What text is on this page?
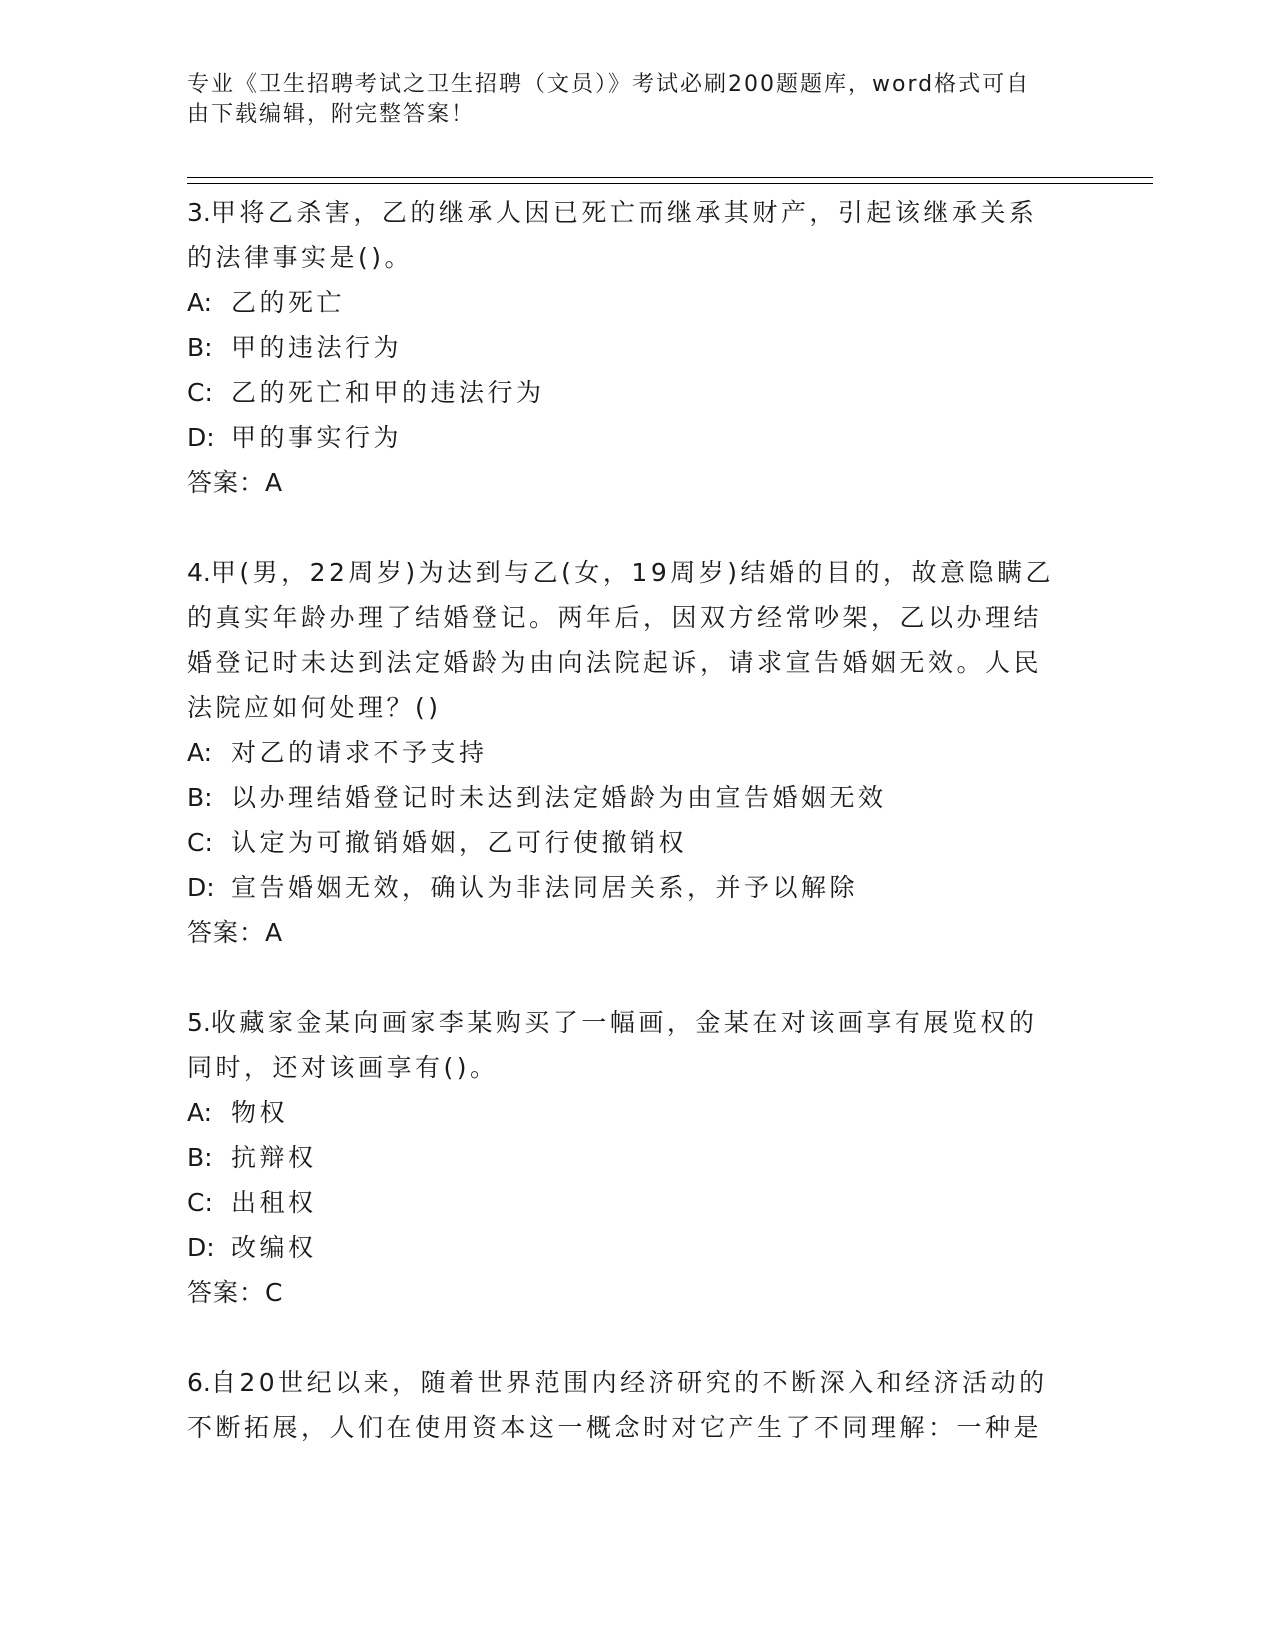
专业《卫生招聘考试之卫生招聘（文员）》考试必刷200题题库，word格式可自
由下载编辑，附完整答案！

3.甲将乙杀害，乙的继承人因已死亡而继承其财产，引起该继承关系

的法律事实是()。

A: 乙的死亡

B: 甲的违法行为

C: 乙的死亡和甲的违法行为

D: 甲的事实行为

答案：A

4.甲(男，22周岁)为达到与乙(女，19周岁)结婚的目的，故意隐瞒乙

的真实年龄办理了结婚登记。两年后，因双方经常吵架，乙以办理结

婚登记时未达到法定婚龄为由向法院起诉，请求宣告婚姻无效。人民

法院应如何处理？()

A: 对乙的请求不予支持

B: 以办理结婚登记时未达到法定婚龄为由宣告婚姻无效

C: 认定为可撤销婚姻，乙可行使撤销权

D: 宣告婚姻无效，确认为非法同居关系，并予以解除

答案：A

5.收藏家金某向画家李某购买了一幅画，金某在对该画享有展览权的

同时，还对该画享有()。

A: 物权

B: 抗辩权

C: 出租权

D: 改编权

答案：C

6.自20世纪以来，随着世界范围内经济研究的不断深入和经济活动的

不断拓展，人们在使用资本这一概念时对它产生了不同理解：一种是
